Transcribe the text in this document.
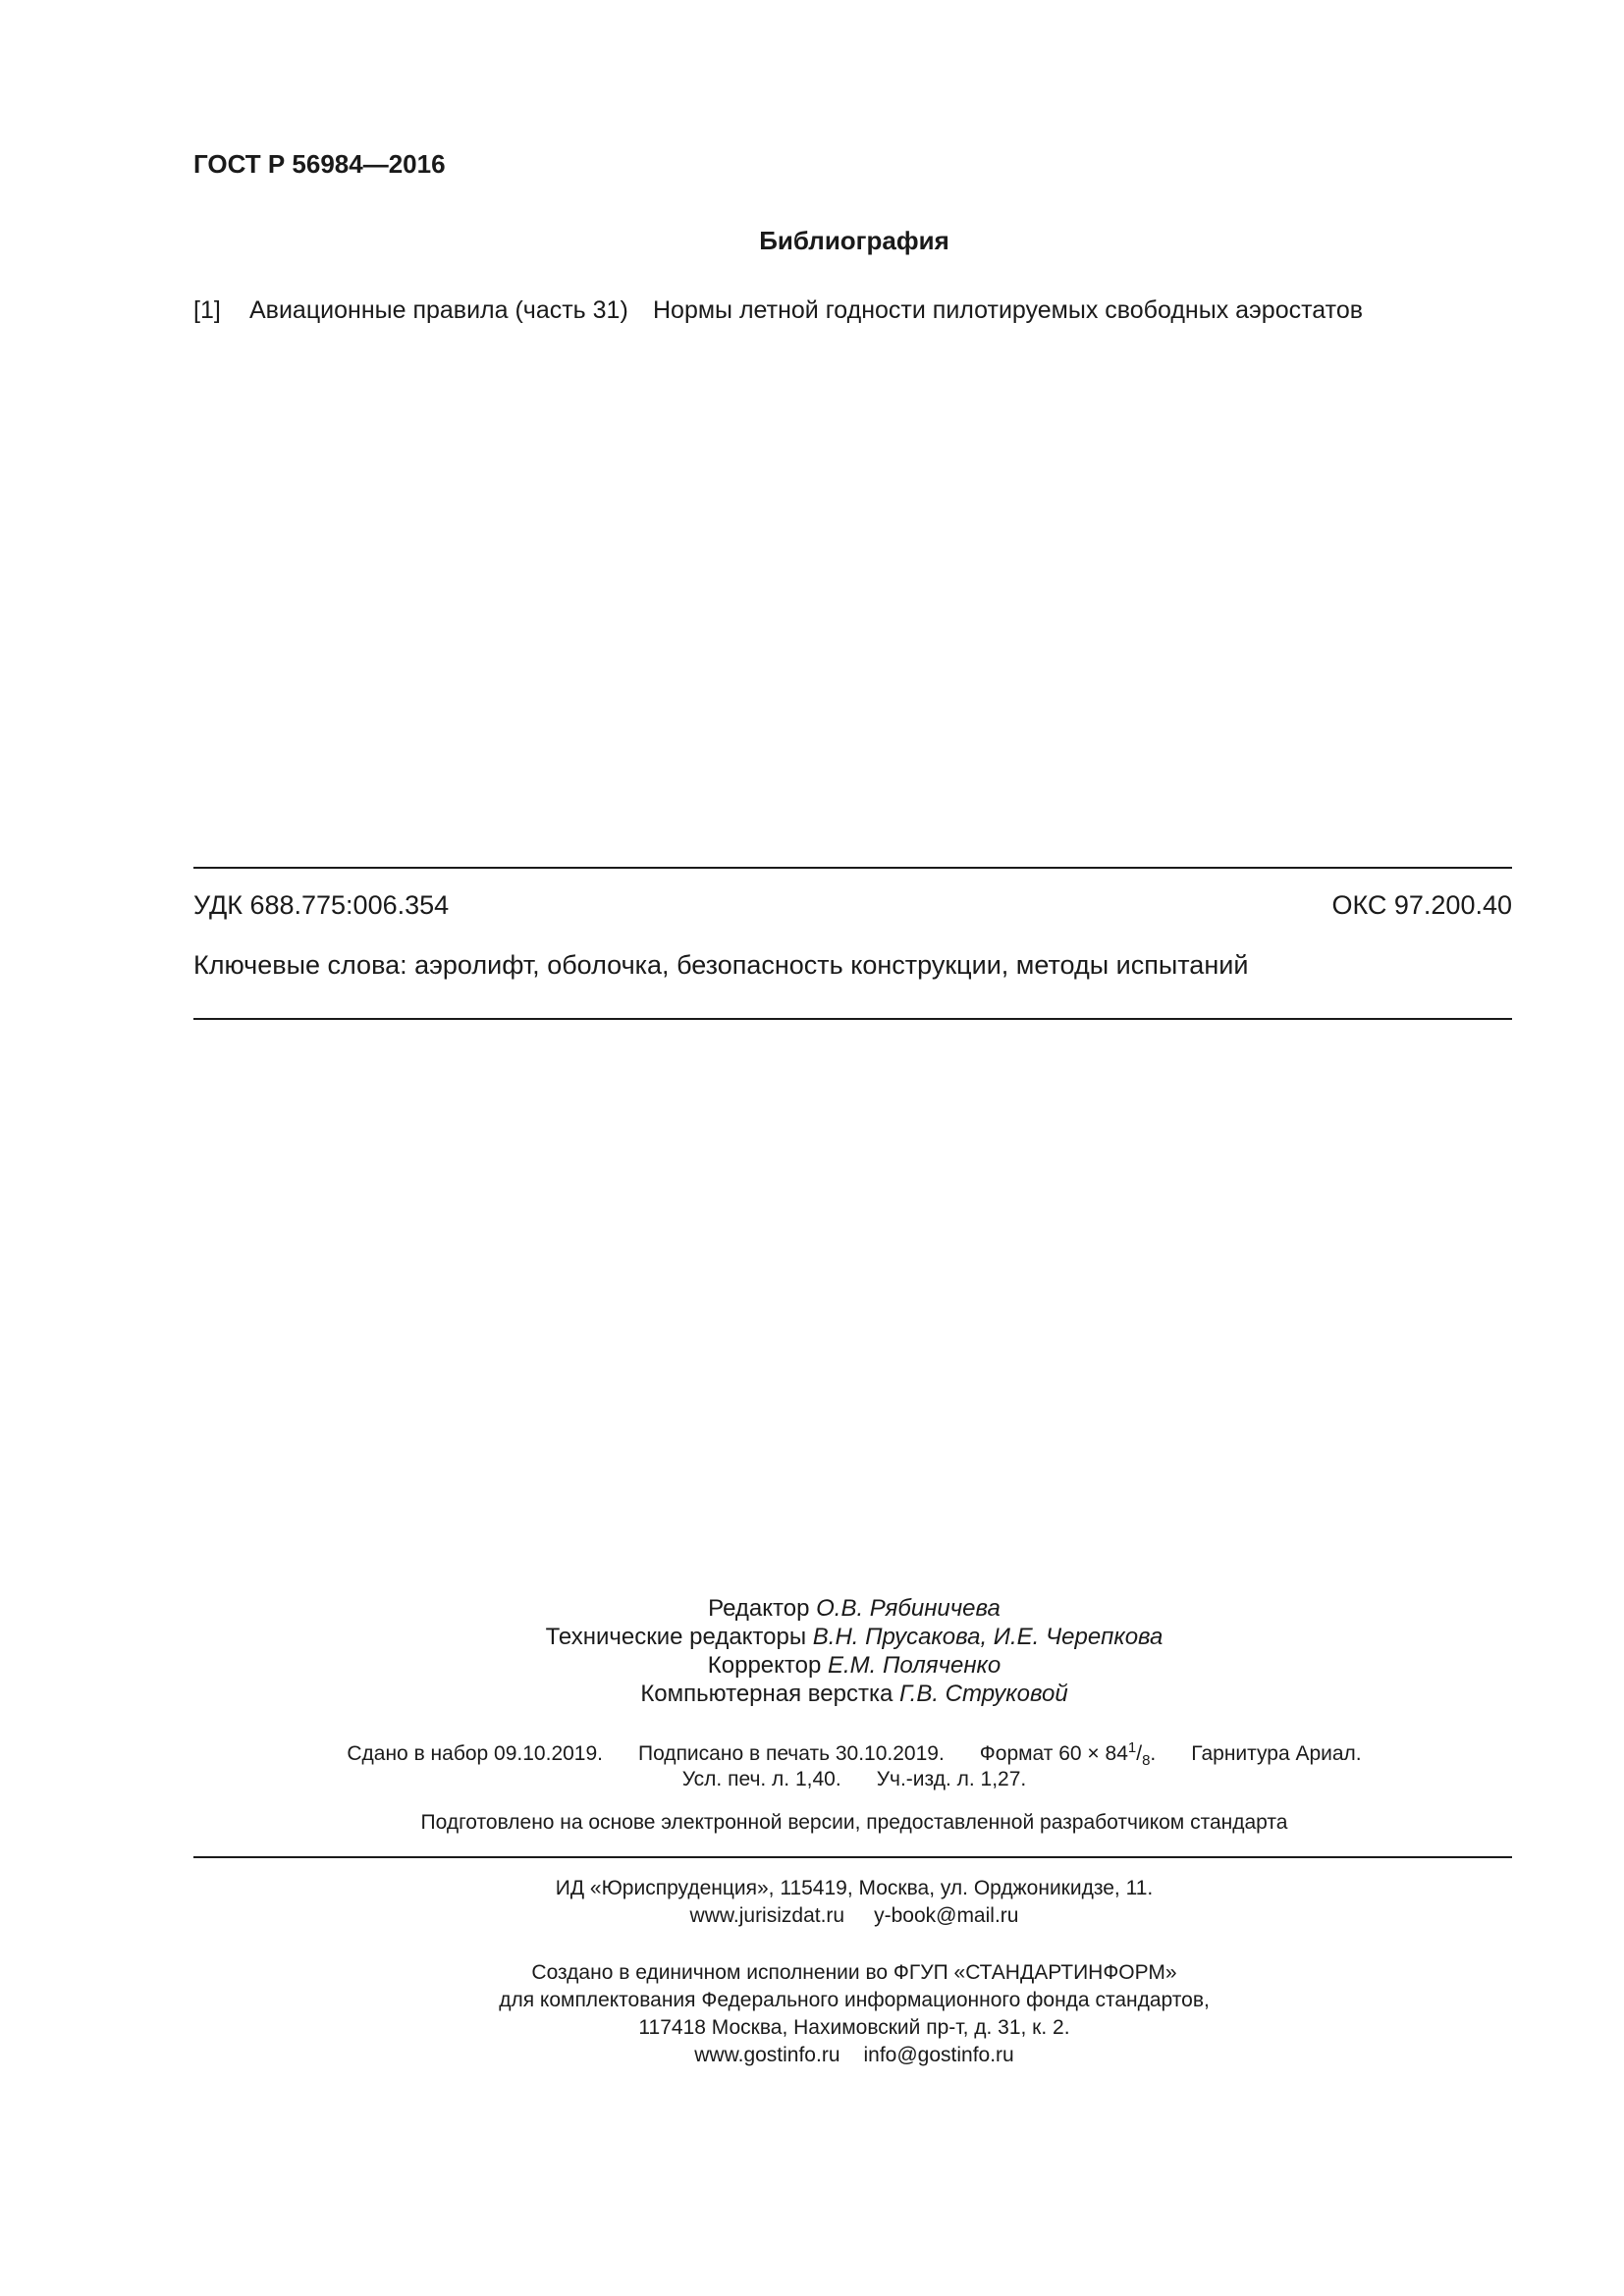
ГОСТ Р 56984—2016
Библиография
[1] Авиационные правила (часть 31) Нормы летной годности пилотируемых свободных аэростатов
УДК 688.775:006.354	ОКС 97.200.40
Ключевые слова: аэролифт, оболочка, безопасность конструкции, методы испытаний
Редактор О.В. Рябиничева
Технические редакторы В.Н. Прусакова, И.Е. Черепкова
Корректор Е.М. Поляченко
Компьютерная верстка Г.В. Струковой
Сдано в набор 09.10.2019. Подписано в печать 30.10.2019. Формат $60 \times 84^1/_8$. Гарнитура Ариал.
Усл. печ. л. 1,40. Уч.-изд. л. 1,27.
Подготовлено на основе электронной версии, предоставленной разработчиком стандарта
ИД «Юриспруденция», 115419, Москва, ул. Орджоникидзе, 11.
www.jurisizdat.ru y-book@mail.ru
Создано в единичном исполнении во ФГУП «СТАНДАРТИНФОРМ»
для комплектования Федерального информационного фонда стандартов,
117418 Москва, Нахимовский пр-т, д. 31, к. 2.
www.gostinfo.ru info@gostinfo.ru
